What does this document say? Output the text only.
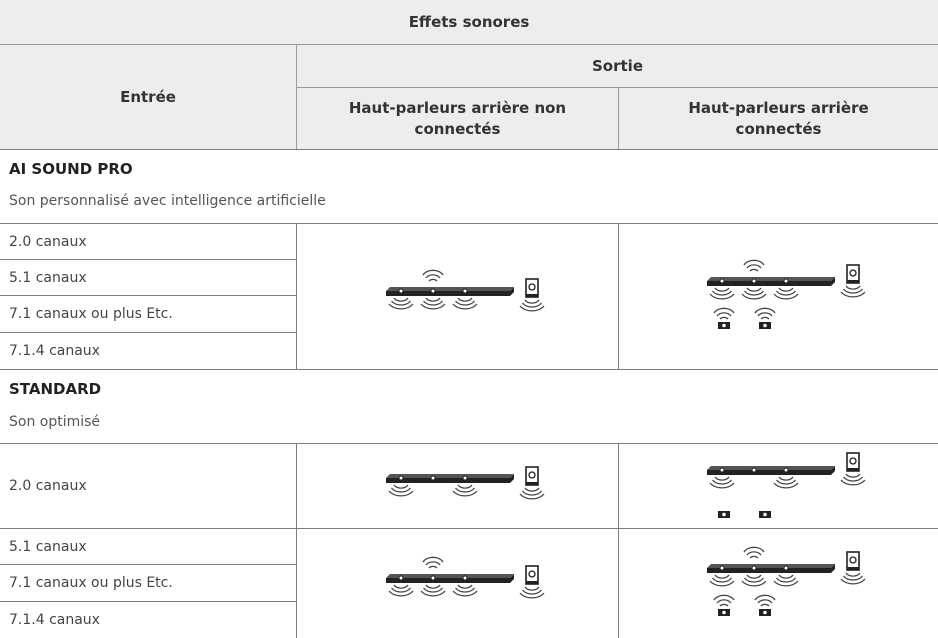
Effets sonores
Entrée
Sortie
Haut-parleurs arrière non connectés
Haut-parleurs arrière connectés
AI SOUND PRO
Son personnalisé avec intelligence artificielle
2.0 canaux
5.1 canaux
7.1 canaux ou plus Etc.
7.1.4 canaux
STANDARD
Son optimisé
2.0 canaux
5.1 canaux
7.1 canaux ou plus Etc.
7.1.4 canaux
